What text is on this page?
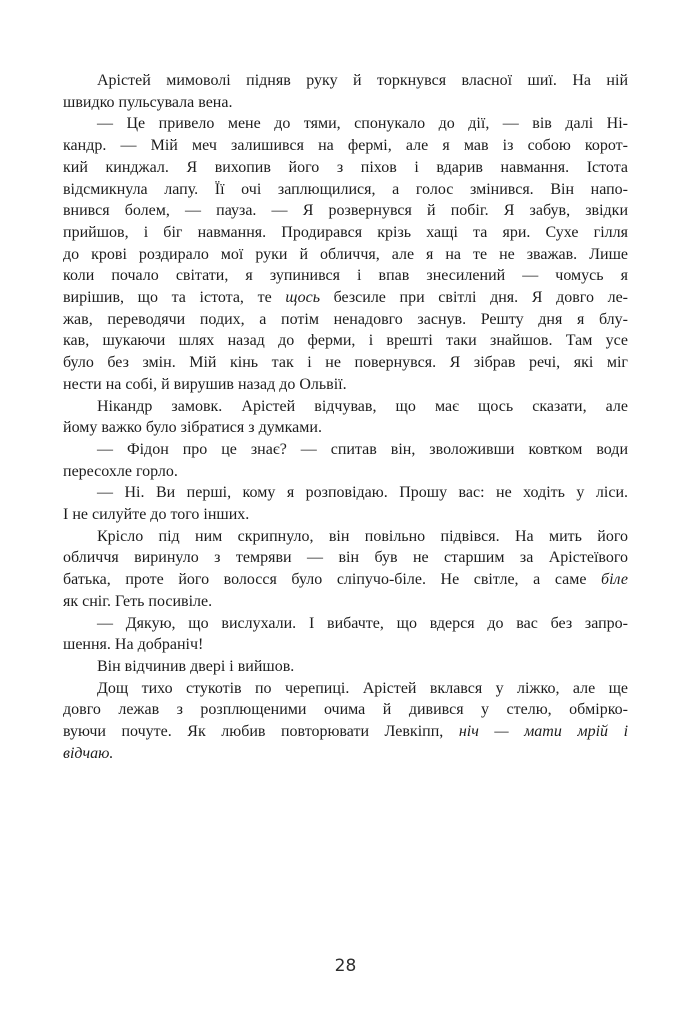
Арістей мимоволі підняв руку й торкнувся власної шиї. На ній
швидко пульсувала вена.

— Це привело мене до тями, спонукало до дії, — вів далі Ні-
кандр. — Мій меч залишився на фермі, але я мав із собою корот-
кий кинджал. Я вихопив його з піхов і вдарив навмання. Істота
відсмикнула лапу. Її очі заплющилися, а голос змінився. Він напо-
внився болем, — пауза. — Я розвернувся й побіг. Я забув, звідки
прийшов, і біг навмання. Продирався крізь хащі та яри. Сухе гілля
до крові роздирало мої руки й обличчя, але я на те не зважав. Лише
коли почало світати, я зупинився і впав знесилений — чомусь я
вирішив, що та істота, те щось безсиле при світлі дня. Я довго ле-
жав, переводячи подих, а потім ненадовго заснув. Решту дня я блу-
кав, шукаючи шлях назад до ферми, і врешті таки знайшов. Там усе
було без змін. Мій кінь так і не повернувся. Я зібрав речі, які міг
нести на собі, й вирушив назад до Ольвії.

Нікандр замовк. Арістей відчував, що має щось сказати, але
йому важко було зібратися з думками.

— Фідон про це знає? — спитав він, зволоживши ковтком води
пересохле горло.

— Ні. Ви перші, кому я розповідаю. Прошу вас: не ходіть у ліси.
І не силуйте до того інших.

Крісло під ним скрипнуло, він повільно підвівся. На мить його
обличчя виринуло з темряви — він був не старшим за Арістеївого
батька, проте його волосся було сліпучо-біле. Не світле, а саме біле
як сніг. Геть посивіле.

— Дякую, що вислухали. І вибачте, що вдерся до вас без запро-
шення. На добраніч!

Він відчинив двері і вийшов.

Дощ тихо стукотів по черепиці. Арістей вклався у ліжко, але ще
довго лежав з розплющеними очима й дивився у стелю, обмірко-
вуючи почуте. Як любив повторювати Левкіпп, ніч — мати мрій і
відчаю.

28
